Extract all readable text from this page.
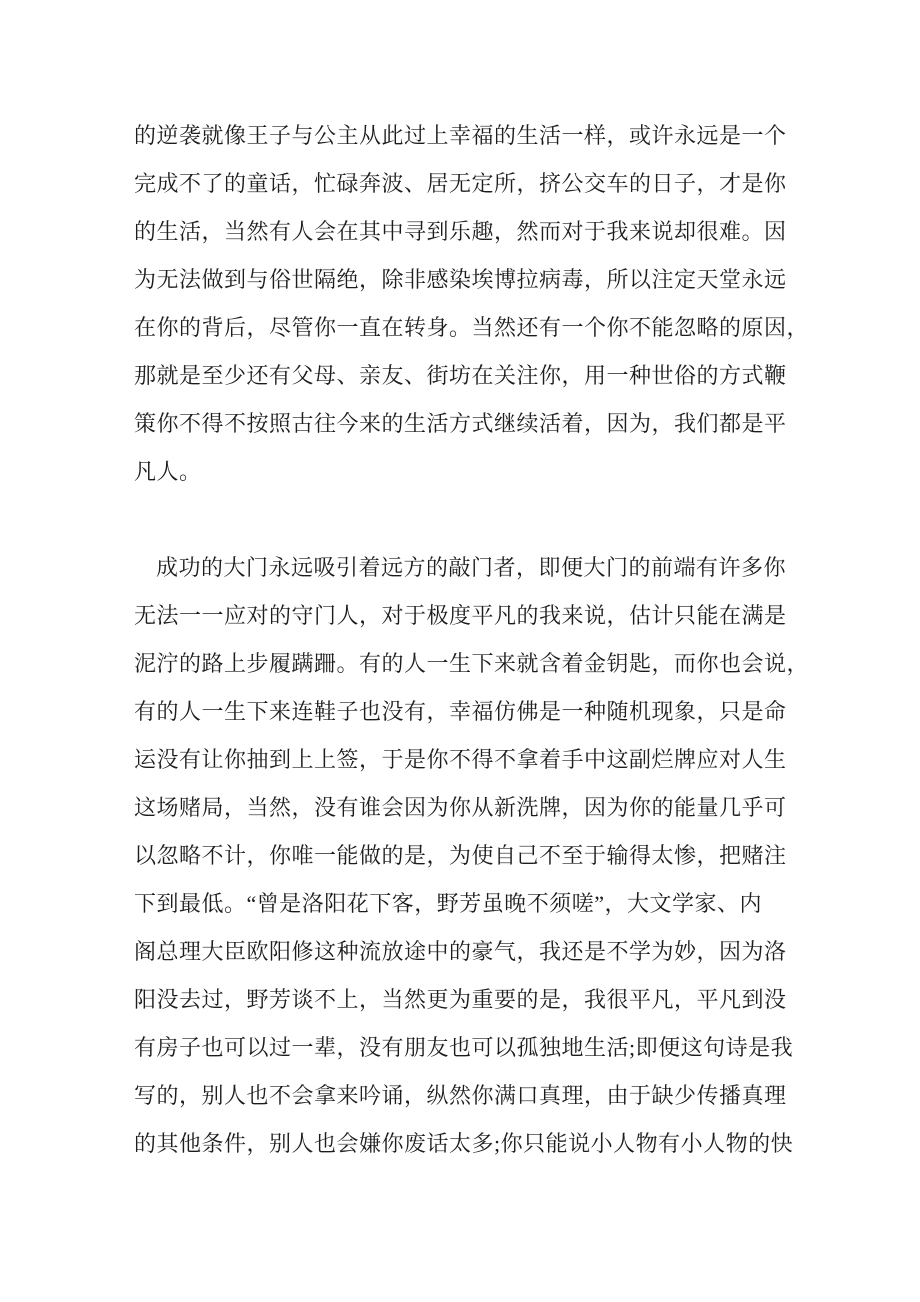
的逆袭就像王子与公主从此过上幸福的生活一样，或许永远是一个
完成不了的童话，忙碌奔波、居无定所，挤公交车的日子，才是你
的生活，当然有人会在其中寻到乐趣，然而对于我来说却很难。因
为无法做到与俗世隔绝，除非感染埃博拉病毒，所以注定天堂永远
在你的背后，尽管你一直在转身。当然还有一个你不能忽略的原因，
那就是至少还有父母、亲友、街坊在关注你，用一种世俗的方式鞭
策你不得不按照古往今来的生活方式继续活着，因为，我们都是平
凡人。
成功的大门永远吸引着远方的敲门者，即便大门的前端有许多你
无法一一应对的守门人，对于极度平凡的我来说，估计只能在满是
泥泞的路上步履蹒跚。有的人一生下来就含着金钥匙，而你也会说，
有的人一生下来连鞋子也没有，幸福仿佛是一种随机现象，只是命
运没有让你抽到上上签，于是你不得不拿着手中这副烂牌应对人生
这场赌局，当然，没有谁会因为你从新洗牌，因为你的能量几乎可
以忽略不计，你唯一能做的是，为使自己不至于输得太惨，把赌注
下到最低。“曾是洛阳花下客，野芳虽晚不须嗟”，大文学家、内
阁总理大臣欧阳修这种流放途中的豪气，我还是不学为妙，因为洛
阳没去过，野芳谈不上，当然更为重要的是，我很平凡，平凡到没
有房子也可以过一辈，没有朋友也可以孤独地生活;即便这句诗是我
写的，别人也不会拿来吟诵，纵然你满口真理，由于缺少传播真理
的其他条件，别人也会嫌你废话太多;你只能说小人物有小人物的快
